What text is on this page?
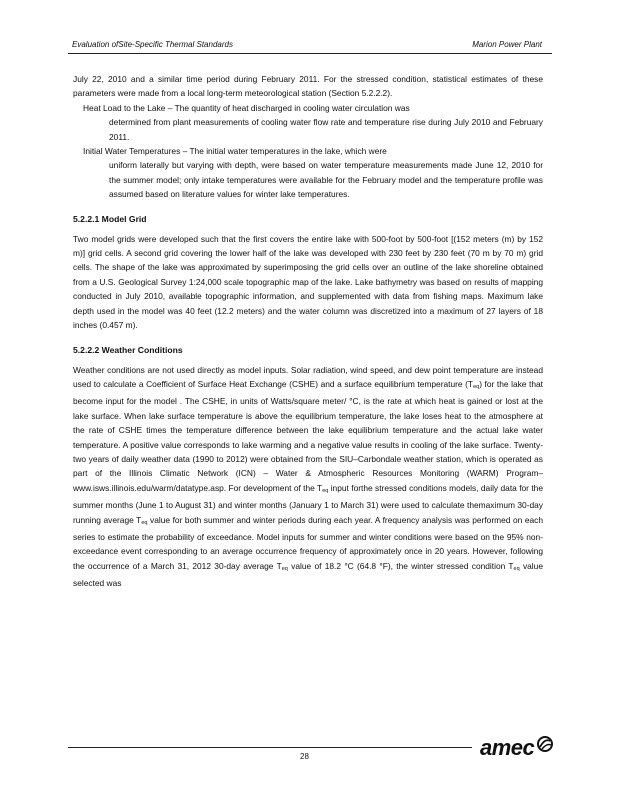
Evaluation ofSite-Specific Thermal Standards	Marion Power Plant

July 22, 2010 and a similar time period during February 2011. For the stressed condition, statistical estimates of these parameters were made from a local long-term meteorological station (Section 5.2.2.2).

Heat Load to the Lake – The quantity of heat discharged in cooling water circulation was
determined from plant measurements of cooling water flow rate and temperature rise during July 2010 and February 2011.
Initial Water Temperatures – The initial water temperatures in the lake, which were
uniform laterally but varying with depth, were based on water temperature measurements made June 12, 2010 for the summer model; only intake temperatures were available for the February model and the temperature profile was assumed based on literature values for winter lake temperatures.
5.2.2.1 Model Grid

Two model grids were developed such that the first covers the entire lake with 500-foot by 500-foot [(152 meters (m) by 152 m)] grid cells. A second grid covering the lower half of the lake was developed with 230 feet by 230 feet (70 m by 70 m) grid cells. The shape of the lake was approximated by superimposing the grid cells over an outline of the lake shoreline obtained from a U.S. Geological Survey 1:24,000 scale topographic map of the lake. Lake bathymetry was based on results of mapping conducted in July 2010, available topographic information, and supplemented with data from fishing maps. Maximum lake depth used in the model was 40 feet (12.2 meters) and the water column was discretized into a maximum of 27 layers of 18 inches (0.457 m).

5.2.2.2 Weather Conditions

Weather conditions are not used directly as model inputs. Solar radiation, wind speed, and dew point temperature are instead used to calculate a Coefficient of Surface Heat Exchange (CSHE) and a surface equilibrium temperature (Teq) for the lake that become input for the model . The CSHE, in units of Watts/square meter/ °C, is the rate at which heat is gained or lost at the lake surface. When lake surface temperature is above the equilibrium temperature, the lake loses heat to the atmosphere at the rate of CSHE times the temperature difference between the lake equilibrium temperature and the actual lake water temperature. A positive value corresponds to lake warming and a negative value results in cooling of the lake surface. Twenty-two years of daily weather data (1990 to 2012) were obtained from the SIU–Carbondale weather station, which is operated as part of the Illinois Climatic Network (ICN) – Water & Atmospheric Resources Monitoring (WARM) Program–www.isws.illinois.edu/warm/datatype.asp. For development of the Teq input forthe stressed conditions models, daily data for the summer months (June 1 to August 31) and winter months (January 1 to March 31) were used to calculate themaximum 30-day running average Teq value for both summer and winter periods during each year. A frequency analysis was performed on each series to estimate the probability of exceedance. Model inputs for summer and winter conditions were based on the 95% non-exceedance event corresponding to an average occurrence frequency of approximately once in 20 years. However, following the occurrence of a March 31, 2012 30-day average Teq value of 18.2 °C (64.8 °F), the winter stressed condition Teq value selected was

28	amec
